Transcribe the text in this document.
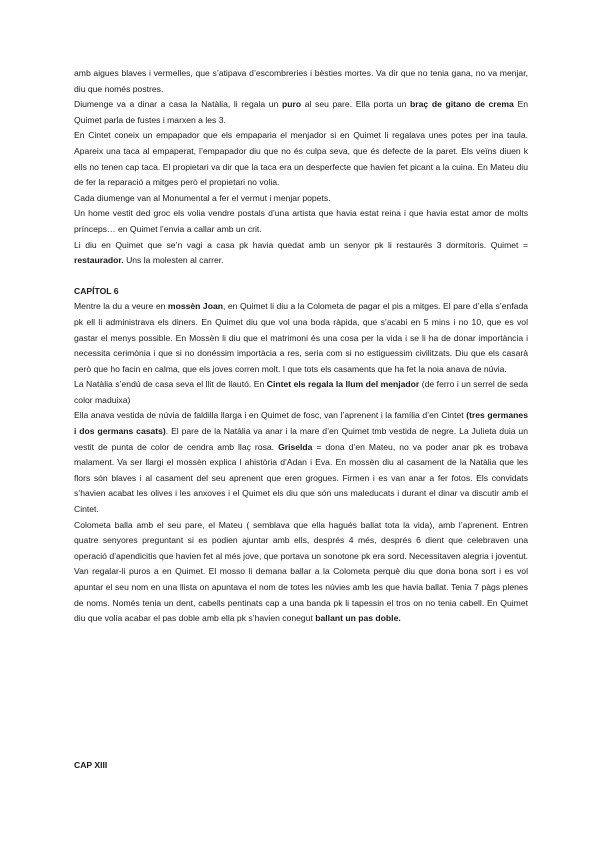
amb aigues blaves i vermelles, que s’atipava d’escombreries i bèsties mortes. Va dir que no tenia gana, no va menjar, diu que només postres.

Diumenge va a dinar a casa la Natàlia, li regala un puro al seu pare. Ella porta un braç de gitano de crema En Quimet parla de fustes i marxen a les 3.

En Cintet coneix un empapador que els empaparia el menjador si en Quimet li regalava unes potes per ina taula. Apareix una taca al empaperat, l’empapador diu que no és culpa seva, que és defecte de la paret. Els veïns diuen k ells no tenen cap taca. El propietari va dir que la taca era un desperfecte que havien fet picant a la cuina. En Mateu diu de fer la reparació a mitges però el propietari no volia.

Cada diumenge van al Monumental a fer el vermut i menjar popets.

Un home vestit ded groc els volia vendre postals d’una artista que havia estat reina i que havia estat amor de molts prínceps… en Quimet l’envia a callar amb un crit.

Li diu en Quimet que se’n vagi a casa pk havia quedat amb un senyor pk li restaurés 3 dormitoris. Quimet = restaurador. Uns la molesten al carrer.

CAPÍTOL 6

Mentre la du a veure en mossèn Joan, en Quimet li diu a la Colometa de pagar el pis a mitges. El pare d’ella s’enfada pk ell li administrava els diners. En Quimet diu que vol una boda ràpida, que s’acabi en 5 mins i no 10, que es vol gastar el menys possible. En Mossèn li diu que el matrimoni és una cosa per la vida i se li ha de donar importància i necessita cerimònia i que si no donéssim importàcia a res, seria com si no estiguessim civilitzats. Diu que els casarà però que ho facin en calma, que els joves corren molt. I que tots els casaments que ha fet la noia anava de núvia.

La Natàlia s’endú de casa seva el llit de llautó. En Cintet els regala la llum del menjador (de ferro i un serrel de seda color maduixa)

Ella anava vestida de núvia de faldilla llarga i en Quimet de fosc, van l’aprenent i la família d’en Cintet (tres germanes i dos germans casats). El pare de la Natàlia va anar i la mare d’en Quimet tmb vestida de negre. La Julieta duia un vestit de punta de color de cendra amb llaç rosa. Griselda = dona d’en Mateu, no va poder anar pk es trobava malament. Va ser llargi el mossèn explica l ahistòria d’Adan i Eva. En mossèn diu al casament de la Natàlia que les flors són blaves i al casament del seu aprenent que eren grogues. Firmen i es van anar a fer fotos. Els convidats s’havien acabat les olives i les anxoves i el Quimet els diu que són uns maleducats i durant el dinar va discutir amb el Cintet.

Colometa balla amb el seu pare, el Mateu ( semblava que ella hagués ballat tota la vida), amb l’aprenent. Entren quatre senyores preguntant si es podien ajuntar amb ells, després 4 més, després 6 dient que celebraven una operació d’apendicitis que havien fet al més jove, que portava un sonotone pk era sord. Necessitaven alegria i joventut. Van regalar-li puros a en Quimet. El mosso li demana ballar a la Colometa perquè diu que dona bona sort i es vol apuntar el seu nom en una llista on apuntava el nom de totes les núvies amb les que havia ballat. Tenia 7 pàgs plenes de noms. Només tenia un dent, cabells pentinats cap a una banda pk li tapessin el tros on no tenia cabell. En Quimet diu que volia acabar el pas doble amb ella pk s’havien conegut ballant un pas doble.

CAP XIII
